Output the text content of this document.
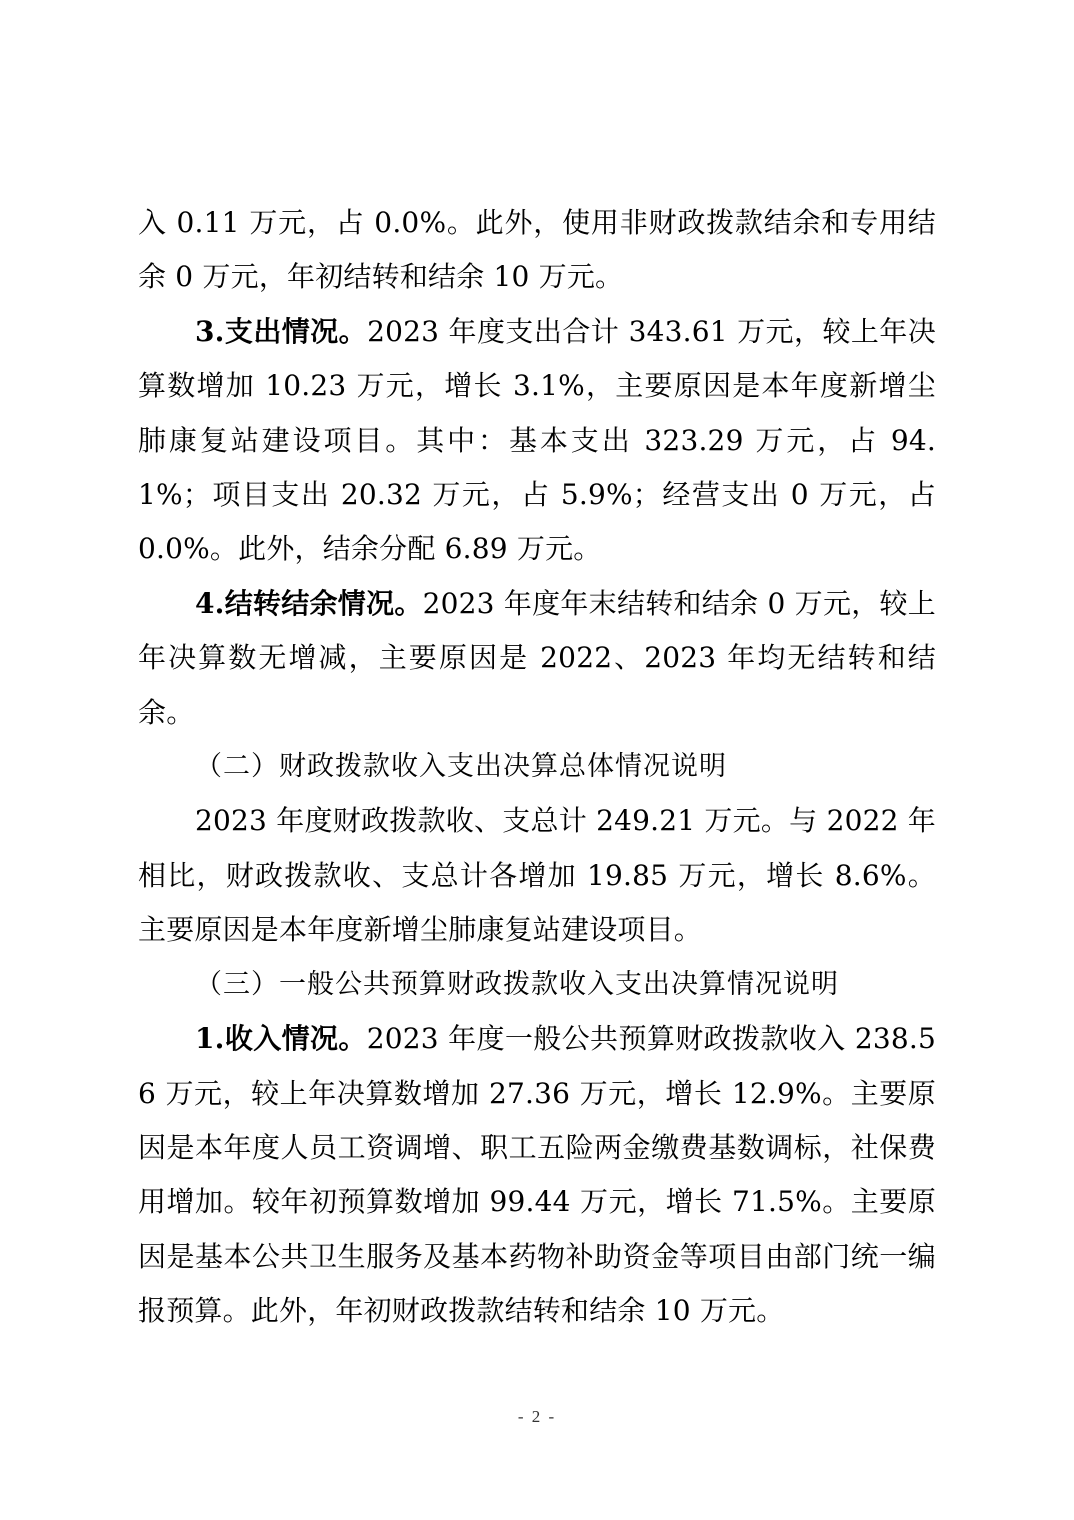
入 0.11 万元，占 0.0%。此外，使用非财政拨款结余和专用结余 0 万元，年初结转和结余 10 万元。

3.支出情况。2023 年度支出合计 343.61 万元，较上年决算数增加 10.23 万元，增长 3.1%，主要原因是本年度新增尘肺康复站建设项目。其中：基本支出 323.29 万元，占 94.1%；项目支出 20.32 万元，占 5.9%；经营支出 0 万元，占 0.0%。此外，结余分配 6.89 万元。

4.结转结余情况。2023 年度年末结转和结余 0 万元，较上年决算数无增减，主要原因是 2022、2023 年均无结转和结余。

（二）财政拨款收入支出决算总体情况说明

2023 年度财政拨款收、支总计 249.21 万元。与 2022 年相比，财政拨款收、支总计各增加 19.85 万元，增长 8.6%。主要原因是本年度新增尘肺康复站建设项目。

（三）一般公共预算财政拨款收入支出决算情况说明

1.收入情况。2023 年度一般公共预算财政拨款收入 238.56 万元，较上年决算数增加 27.36 万元，增长 12.9%。主要原因是本年度人员工资调增、职工五险两金缴费基数调标，社保费用增加。较年初预算数增加 99.44 万元，增长 71.5%。主要原因是基本公共卫生服务及基本药物补助资金等项目由部门统一编报预算。此外，年初财政拨款结转和结余 10 万元。

- 2 -
